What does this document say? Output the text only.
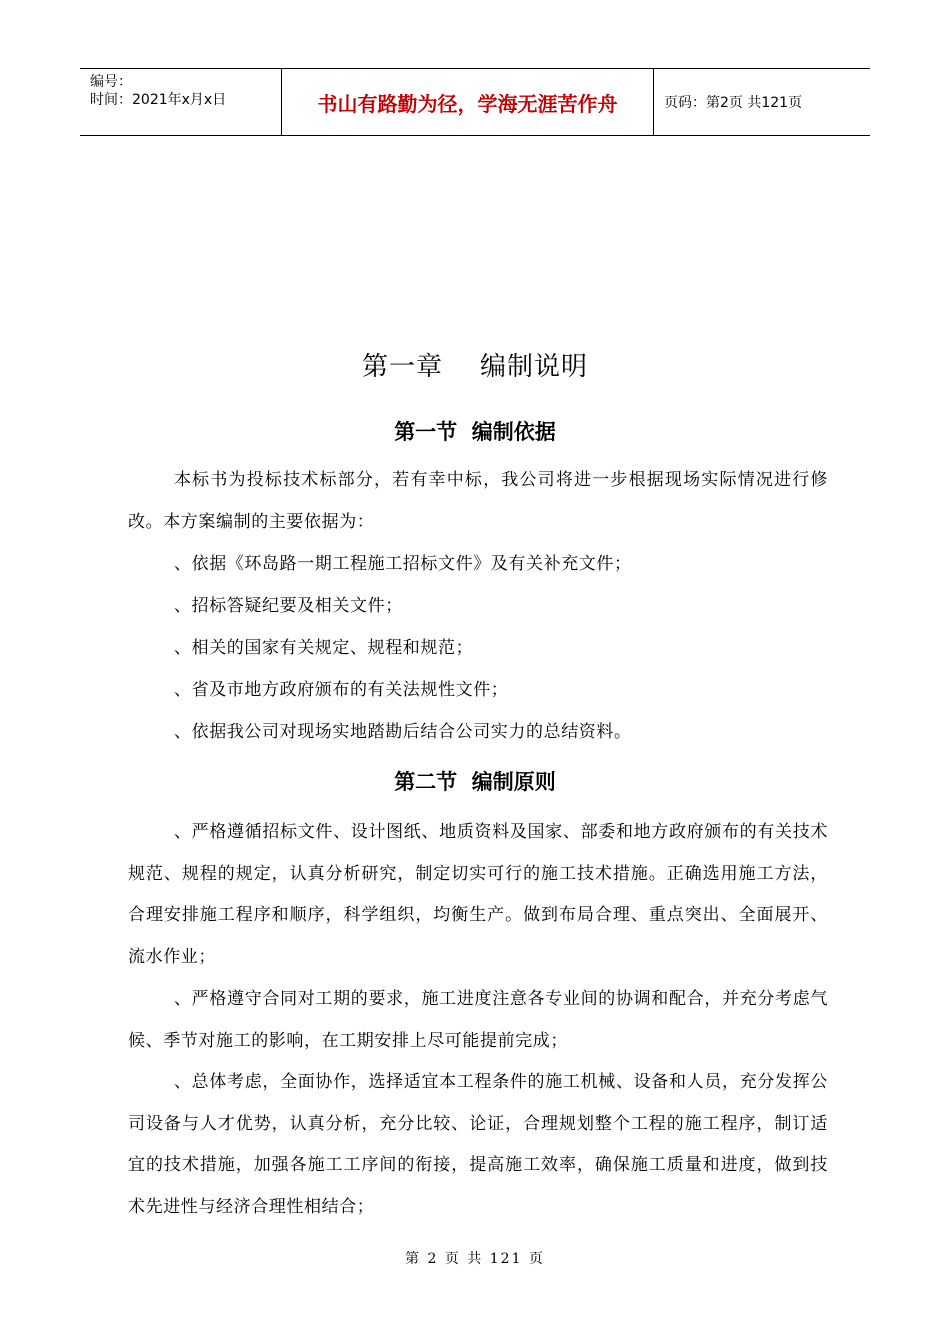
编号：
时间：2021年x月x日	书山有路勤为径，学海无涯苦作舟	页码：第2页 共121页
第一章    编制说明
第一节  编制依据
本标书为投标技术标部分，若有幸中标，我公司将进一步根据现场实际情况进行修改。本方案编制的主要依据为：
、依据《环岛路一期工程施工招标文件》及有关补充文件；
、招标答疑纪要及相关文件；
、相关的国家有关规定、规程和规范；
、省及市地方政府颁布的有关法规性文件；
、依据我公司对现场实地踏勘后结合公司实力的总结资料。
第二节  编制原则
、严格遵循招标文件、设计图纸、地质资料及国家、部委和地方政府颁布的有关技术规范、规程的规定，认真分析研究，制定切实可行的施工技术措施。正确选用施工方法，合理安排施工程序和顺序，科学组织，均衡生产。做到布局合理、重点突出、全面展开、流水作业；
、严格遵守合同对工期的要求，施工进度注意各专业间的协调和配合，并充分考虑气候、季节对施工的影响，在工期安排上尽可能提前完成；
、总体考虑，全面协作，选择适宜本工程条件的施工机械、设备和人员，充分发挥公司设备与人才优势，认真分析，充分比较、论证，合理规划整个工程的施工程序，制订适宜的技术措施，加强各施工工序间的衔接，提高施工效率，确保施工质量和进度，做到技术先进性与经济合理性相结合；
第 2 页 共 121 页
